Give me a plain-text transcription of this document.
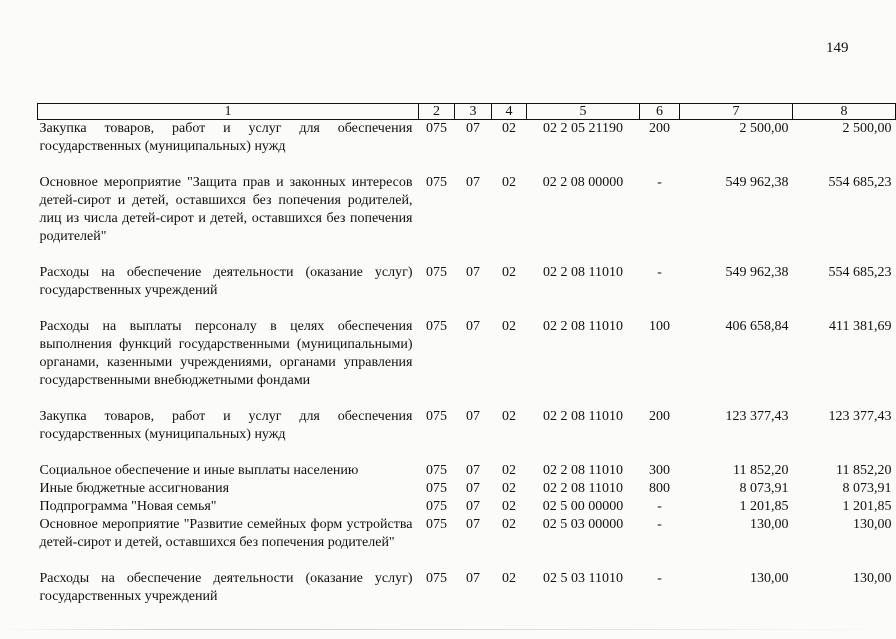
149
1	2	3	4	5	6	7	8
Закупка товаров, работ и услуг для обеспечения государственных (муниципальных) нужд	075	07	02	02 2 05 21190	200	2 500,00	2 500,00
Основное мероприятие "Защита прав и законных интересов детей-сирот и детей, оставшихся без попечения родителей, лиц из числа детей-сирот и детей, оставшихся без попечения родителей"	075	07	02	02 2 08 00000	-	549 962,38	554 685,23
Расходы на обеспечение деятельности (оказание услуг) государственных учреждений	075	07	02	02 2 08 11010	-	549 962,38	554 685,23
Расходы на выплаты персоналу в целях обеспечения выполнения функций государственными (муниципальными) органами, казенными учреждениями, органами управления государственными внебюджетными фондами	075	07	02	02 2 08 11010	100	406 658,84	411 381,69
Закупка товаров, работ и услуг для обеспечения государственных (муниципальных) нужд	075	07	02	02 2 08 11010	200	123 377,43	123 377,43
Социальное обеспечение и иные выплаты населению	075	07	02	02 2 08 11010	300	11 852,20	11 852,20
Иные бюджетные ассигнования	075	07	02	02 2 08 11010	800	8 073,91	8 073,91
Подпрограмма "Новая семья"	075	07	02	02 5 00 00000	-	1 201,85	1 201,85
Основное мероприятие "Развитие семейных форм устройства детей-сирот и детей, оставшихся без попечения родителей"	075	07	02	02 5 03 00000	-	130,00	130,00
Расходы на обеспечение деятельности (оказание услуг) государственных учреждений	075	07	02	02 5 03 11010	-	130,00	130,00
